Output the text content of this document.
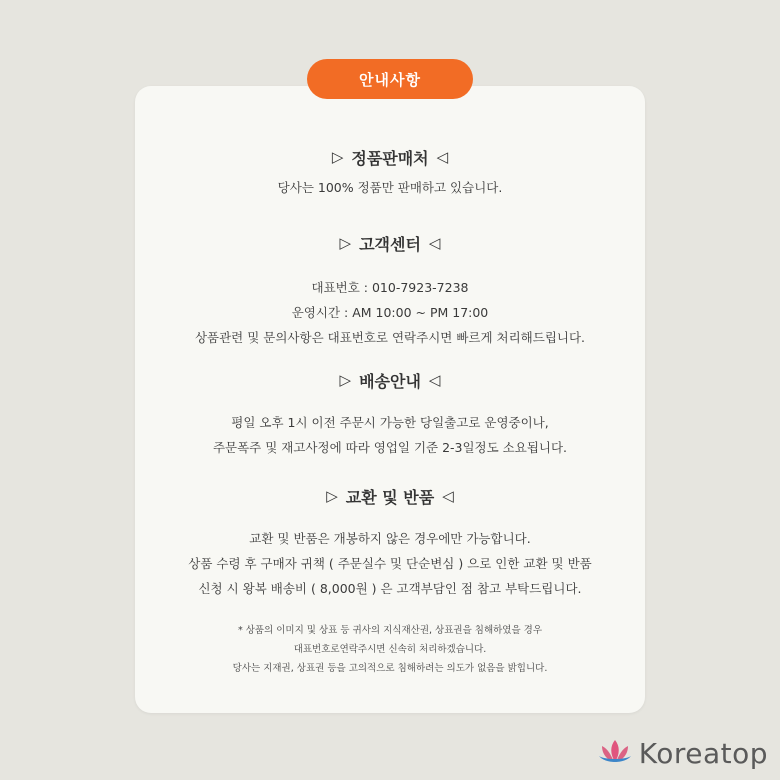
안내사항
▷ 정품판매처 ◁
당사는 100% 정품만 판매하고 있습니다.
▷ 고객센터 ◁
대표번호 : 010-7923-7238
운영시간 : AM 10:00 ~ PM 17:00
상품관련 및 문의사항은 대표번호로 연락주시면 빠르게 처리해드립니다.
▷ 배송안내 ◁
평일 오후 1시 이전 주문시 가능한 당일출고로 운영중이나,
주문폭주 및 재고사정에 따라 영업일 기준 2-3일정도 소요됩니다.
▷ 교환 및 반품 ◁
교환 및 반품은 개봉하지 않은 경우에만 가능합니다.
상품 수령 후 구매자 귀책 ( 주문실수 및 단순변심 ) 으로 인한 교환 및 반품
신청 시 왕복 배송비 ( 8,000원 ) 은 고객부담인 점 참고 부탁드립니다.
* 상품의 이미지 및 상표 등 귀사의 지식재산권, 상표권을 침해하였을 경우
대표번호로연락주시면 신속히 처리하겠습니다.
당사는 지재권, 상표권 등을 고의적으로 침해하려는 의도가 없음을 밝힙니다.
Koreatop
